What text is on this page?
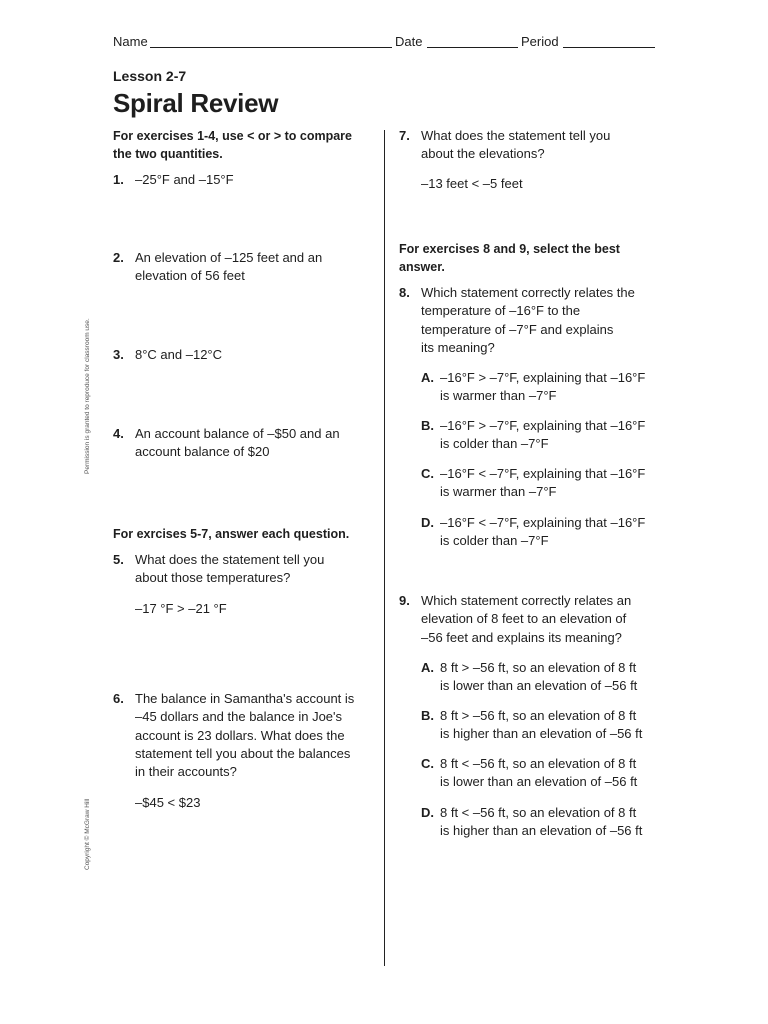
Name	Date	Period
Lesson 2-7
Spiral Review
For exercises 1-4, use < or > to compare
the two quantities.
1. –25°F and –15°F
2. An elevation of –125 feet and an
elevation of 56 feet
3. 8°C and –12°C
4. An account balance of –$50 and an
account balance of $20
For exrcises 5-7, answer each question.
5. What does the statement tell you
about those temperatures?
–17 °F > –21 °F
6. The balance in Samantha's account is
–45 dollars and the balance in Joe's
account is 23 dollars. What does the
statement tell you about the balances
in their accounts?
–$45 < $23
7. What does the statement tell you
about the elevations?
–13 feet < –5 feet
For exercises 8 and 9, select the best
answer.
8. Which statement correctly relates the
temperature of –16°F to the
temperature of –7°F and explains
its meaning?
A. –16°F > –7°F, explaining that –16°F
is warmer than –7°F
B. –16°F > –7°F, explaining that –16°F
is colder than –7°F
C. –16°F < –7°F, explaining that –16°F
is warmer than –7°F
D. –16°F < –7°F, explaining that –16°F
is colder than –7°F
9. Which statement correctly relates an
elevation of 8 feet to an elevation of
–56 feet and explains its meaning?
A. 8 ft > –56 ft, so an elevation of 8 ft
is lower than an elevation of –56 ft
B. 8 ft > –56 ft, so an elevation of 8 ft
is higher than an elevation of –56 ft
C. 8 ft < –56 ft, so an elevation of 8 ft
is lower than an elevation of –56 ft
D. 8 ft < –56 ft, so an elevation of 8 ft
is higher than an elevation of –56 ft
Permission is granted to reproduce for classroom use.
Copyright © McGraw Hill
